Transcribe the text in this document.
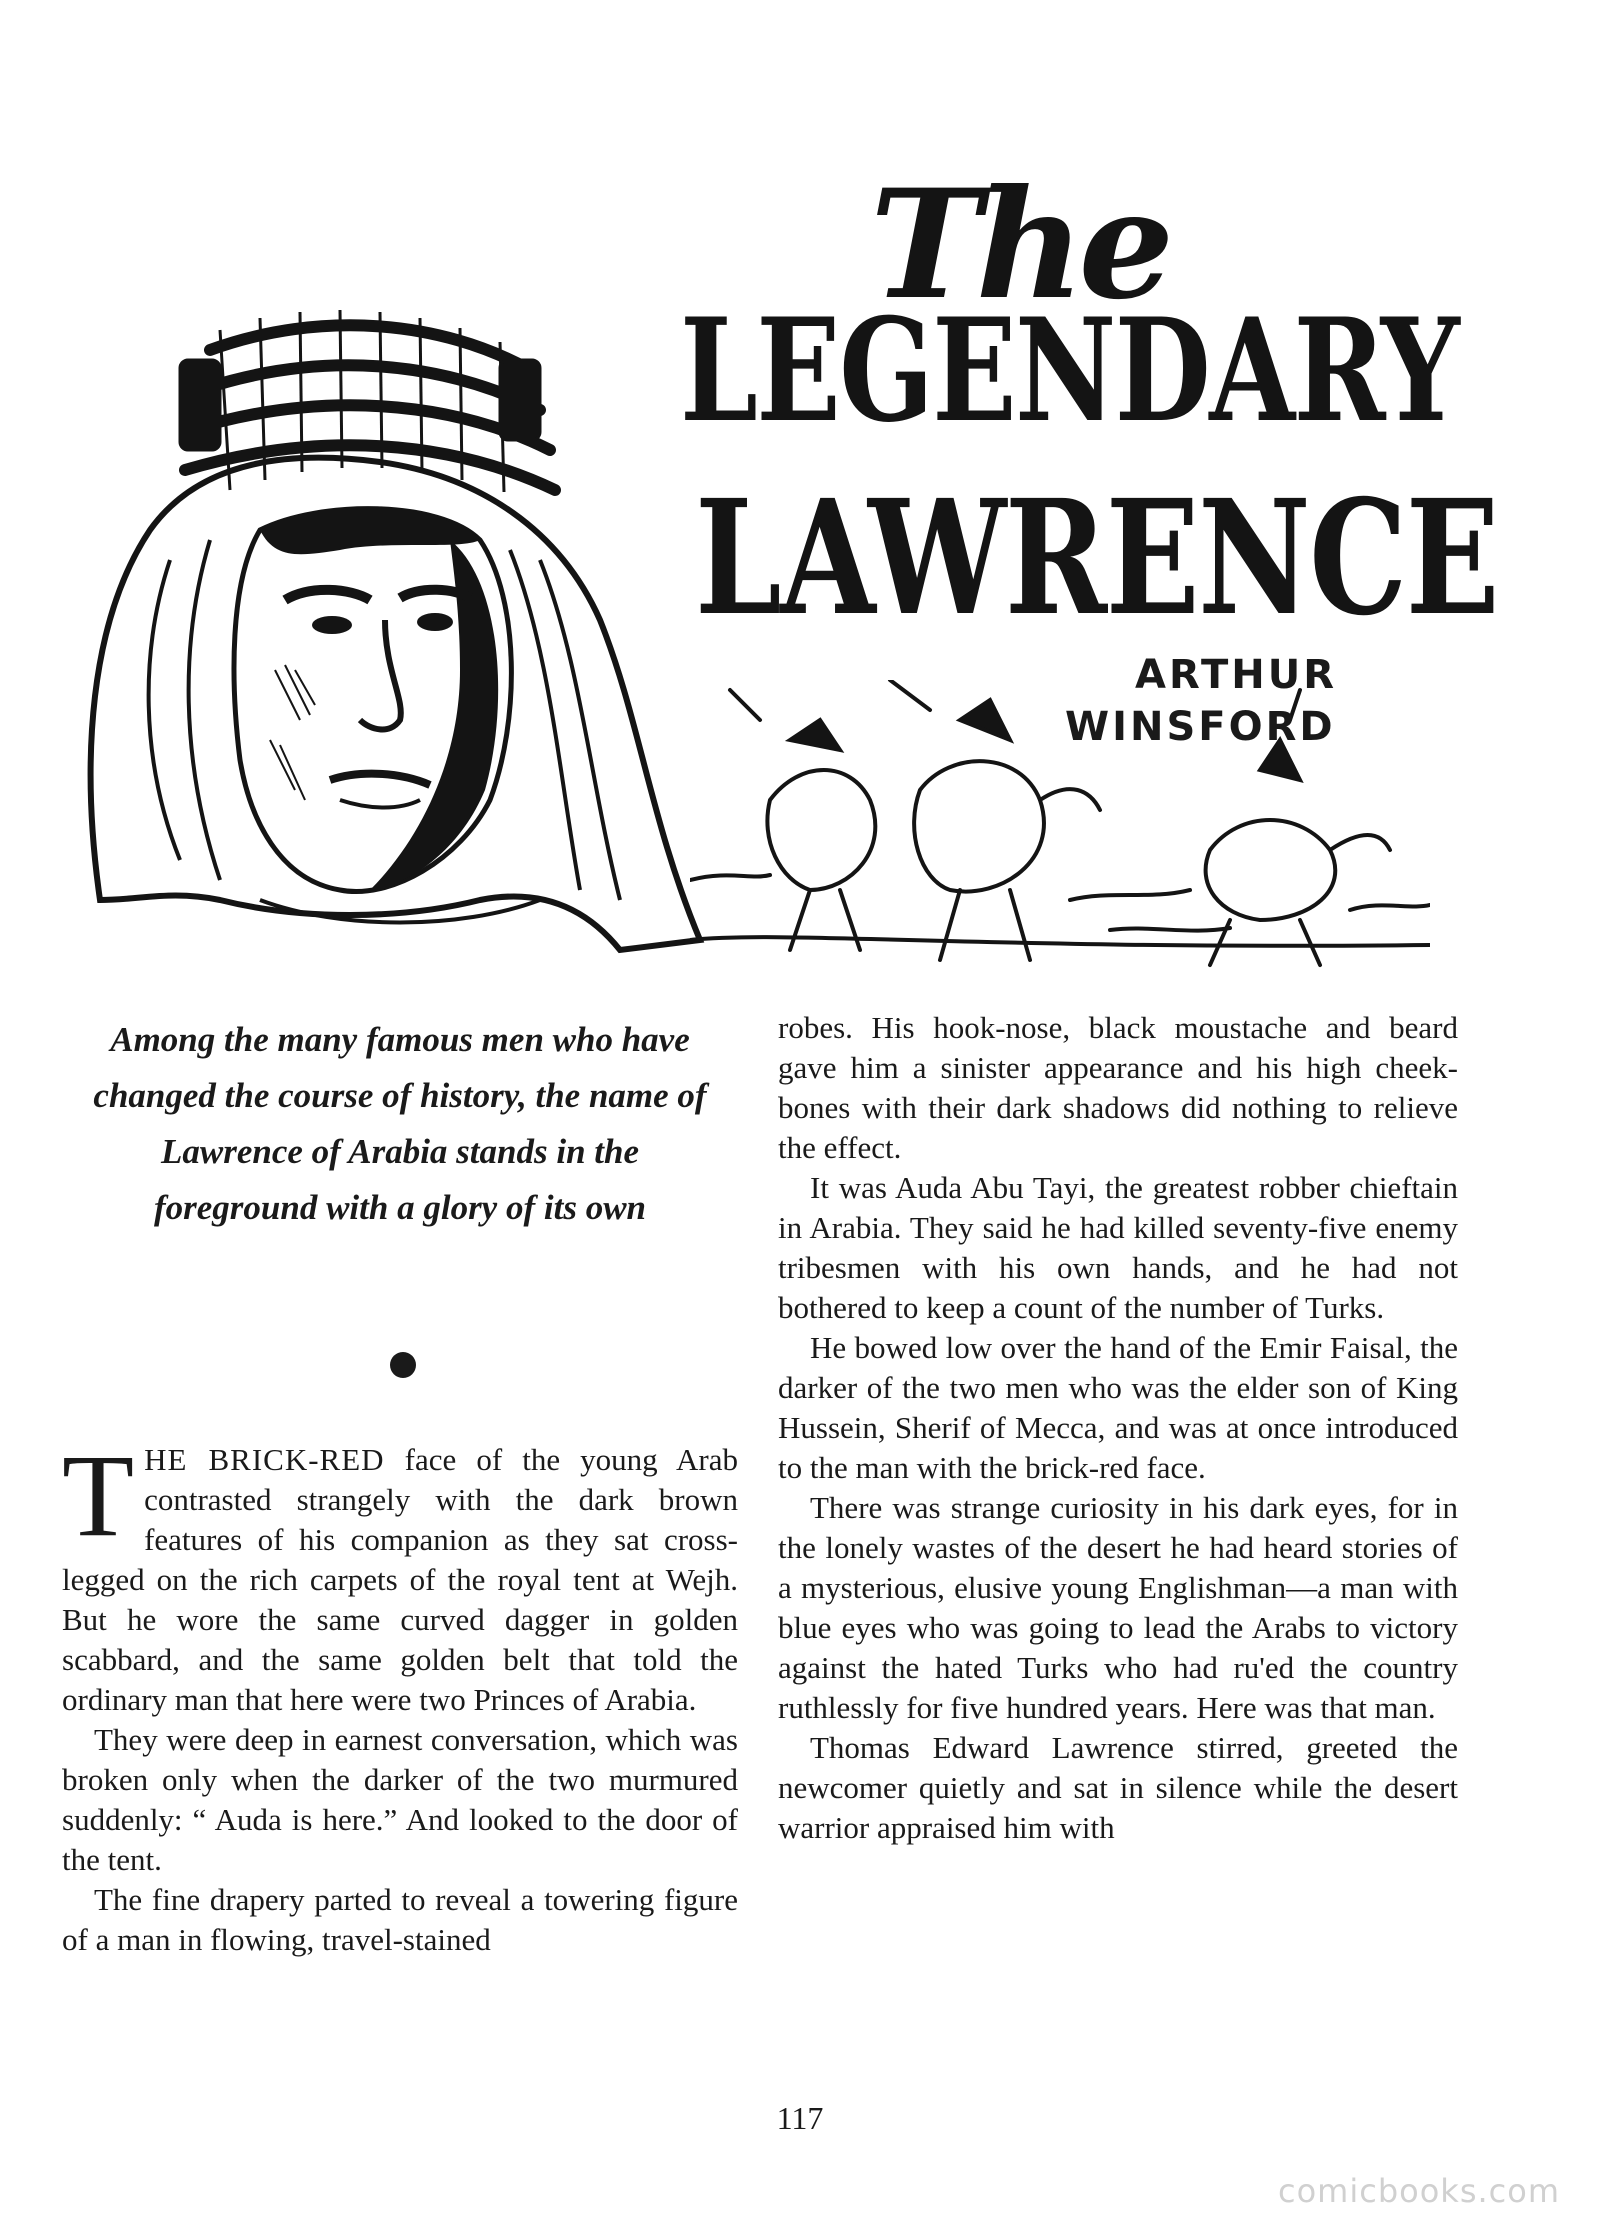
The
LEGENDARY
LAWRENCE

ARTHUR

WINSFORD

Among the many famous men who have changed the course of history, the name of Lawrence of Arabia stands in the foreground with a glory of its own

THE BRICK-RED face of the young Arab contrasted strangely with the dark brown features of his companion as they sat cross-legged on the rich carpets of the royal tent at Wejh. But he wore the same curved dagger in golden scabbard, and the same golden belt that told the ordinary man that here were two Princes of Arabia.

They were deep in earnest conversation, which was broken only when the darker of the two murmured suddenly: “ Auda is here.” And looked to the door of the tent.

The fine drapery parted to reveal a towering figure of a man in flowing, travel-stained

robes. His hook-nose, black moustache and beard gave him a sinister appearance and his high cheek-bones with their dark shadows did nothing to relieve the effect.

It was Auda Abu Tayi, the greatest robber chieftain in Arabia. They said he had killed seventy-five enemy tribesmen with his own hands, and he had not bothered to keep a count of the number of Turks.

He bowed low over the hand of the Emir Faisal, the darker of the two men who was the elder son of King Hussein, Sherif of Mecca, and was at once introduced to the man with the brick-red face.

There was strange curiosity in his dark eyes, for in the lonely wastes of the desert he had heard stories of a mysterious, elusive young Englishman—a man with blue eyes who was going to lead the Arabs to victory against the hated Turks who had ru'ed the country ruthlessly for five hundred years. Here was that man.

Thomas Edward Lawrence stirred, greeted the newcomer quietly and sat in silence while the desert warrior appraised him with

117

comicbooks.com
